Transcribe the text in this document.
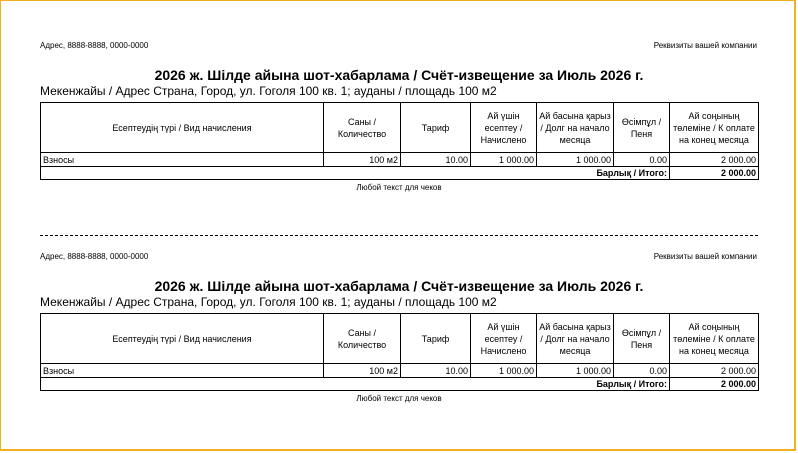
Адрес, 8888-8888, 0000-0000	Реквизиты вашей компании
2026 ж. Шілде айына шот-хабарлама / Счёт-извещение за Июль 2026 г.
Мекенжайы / Адрес Страна, Город, ул. Гоголя 100 кв. 1; ауданы / площадь 100 м2
Есептеудің түрі / Вид начисления	Саны / Количество	Тариф	Ай үшін есептеу / Начислено	Ай басына қарыз / Долг на начало месяца	Өсімпұл / Пеня	Ай соңының төлеміне / К оплате на конец месяца
Взносы	100 м2	10.00	1 000.00	1 000.00	0.00	2 000.00
Барлық / Итого:						2 000.00
Любой текст для чеков
Адрес, 8888-8888, 0000-0000	Реквизиты вашей компании
2026 ж. Шілде айына шот-хабарлама / Счёт-извещение за Июль 2026 г.
Мекенжайы / Адрес Страна, Город, ул. Гоголя 100 кв. 1; ауданы / площадь 100 м2
Есептеудің түрі / Вид начисления	Саны / Количество	Тариф	Ай үшін есептеу / Начислено	Ай басына қарыз / Долг на начало месяца	Өсімпұл / Пеня	Ай соңының төлеміне / К оплате на конец месяца
Взносы	100 м2	10.00	1 000.00	1 000.00	0.00	2 000.00
Барлық / Итого:						2 000.00
Любой текст для чеков
